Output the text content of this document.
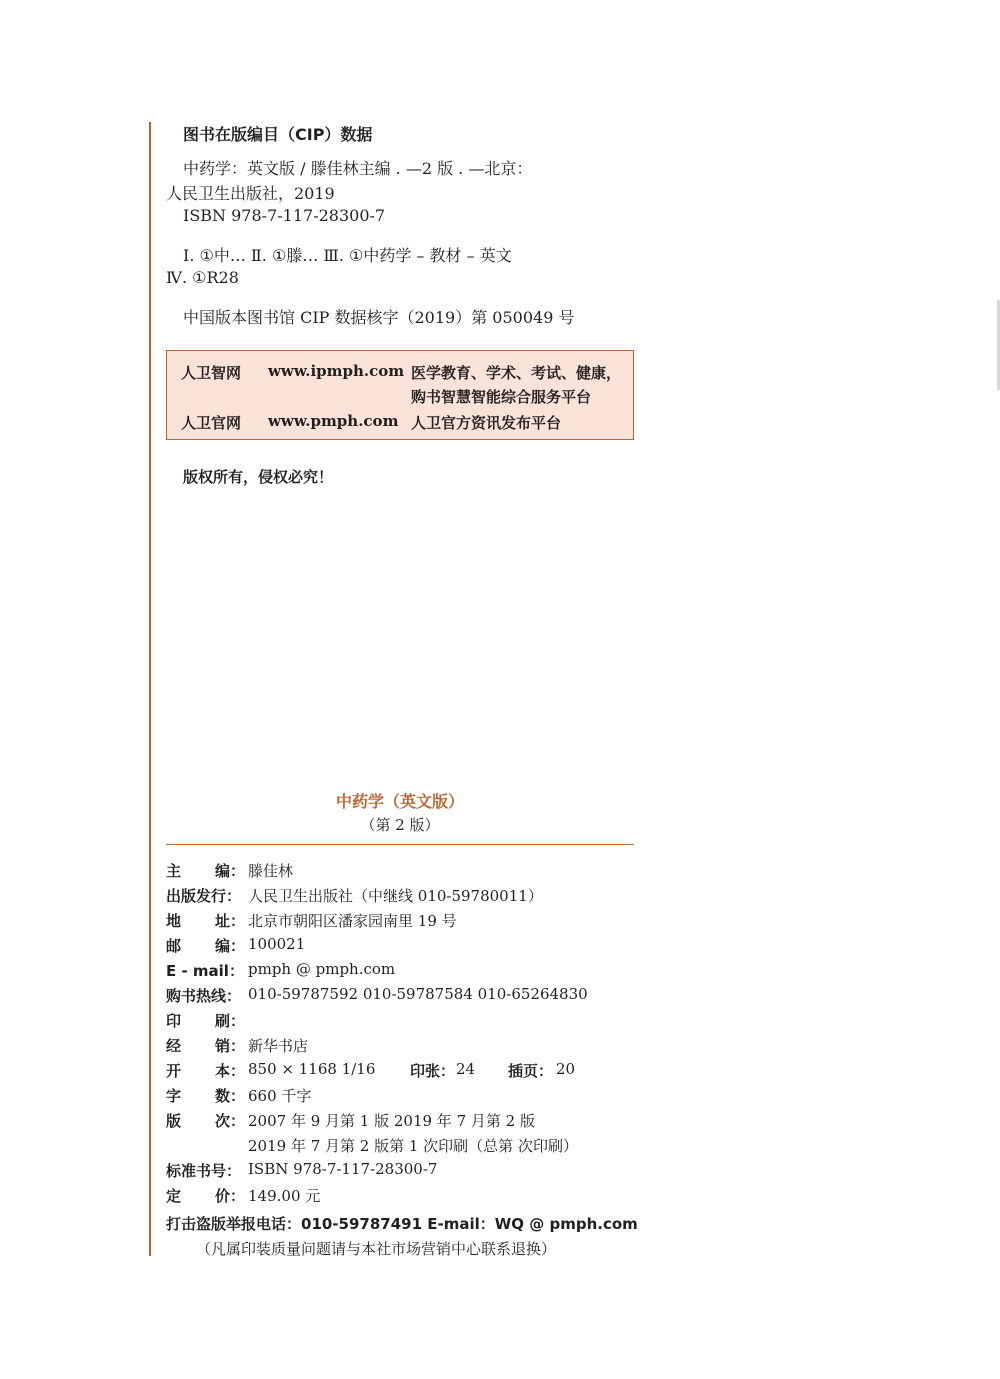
图书在版编目（CIP）数据
中药学：英文版 / 滕佳林主编 . —2 版 . —北京：
人民卫生出版社，2019
ISBN 978-7-117-28300-7
Ⅰ. ①中… Ⅱ. ①滕… Ⅲ. ①中药学 – 教材 – 英文
Ⅳ. ①R28
中国版本图书馆 CIP 数据核字（2019）第 050049 号
人卫智网 www.ipmph.com 医学教育、学术、考试、健康，
购书智慧智能综合服务平台
人卫官网 www.pmph.com 人卫官方资讯发布平台
版权所有，侵权必究！
中药学（英文版）
（第 2 版）
主 编： 滕佳林
出版发行： 人民卫生出版社（中继线 010-59780011）
地 址： 北京市朝阳区潘家园南里 19 号
邮 编： 100021
E - mail： pmph @ pmph.com
购书热线： 010-59787592 010-59787584 010-65264830
印 刷：
经 销： 新华书店
开 本： 850 × 1168 1/16 印张： 24 插页： 20
字 数： 660 千字
版 次： 2007 年 9 月第 1 版 2019 年 7 月第 2 版
2019 年 7 月第 2 版第 1 次印刷（总第 次印刷）
标准书号： ISBN 978-7-117-28300-7
定 价： 149.00 元
打击盗版举报电话：010-59787491 E-mail：WQ @ pmph.com
（凡属印装质量问题请与本社市场营销中心联系退换）
